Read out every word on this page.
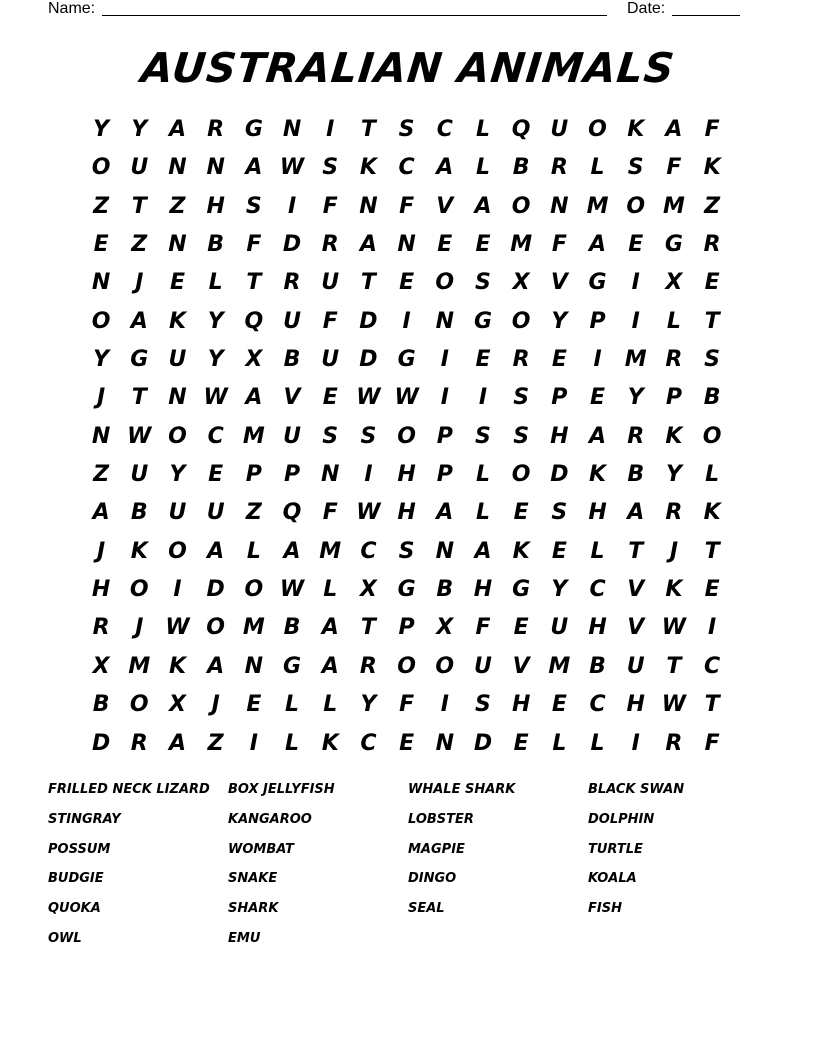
Name:	Date:
AUSTRALIAN ANIMALS
Y	Y A R G N	I	T	S	C	L Q U O K A	F
O U N N A W S K C A	L	B R	L	S	F	K
Z	T	Z H S	I	F N F	V A O N M O M Z
E	Z N B	F D R A N E	E M F	A	E G R
N	J	E	L	T	R U T	E O S X V G	I	X	E
O A K Y Q U F D	I	N G O Y	P	I	L	T
Y G U Y X B U D G	I	E	R	E	I	M R S
J	T N W A V	E W W I	I	S	P	E	Y	P B
N W O C M U S	S O P	S	S H A R K O
Z U Y	E	P	P N	I	H P	L O D K B Y	L
A B U U Z Q F W H A	L	E	S H A R K
J	K O A	L	A M C	S N A K	E	L	T	J	T
H O	I	D O W L	X G B H G Y	C V K	E
R	J W O M B A	T	P X	F	E U H V W I
X M K A N G A R O O U V M B U T	C
B O X	J	E	L	L	Y	F	I	S H E	C H W T
D R A Z	I	L	K C	E N D E	L	L	I	R	F
FRILLED NECK LIZARD	BOX JELLYFISH	WHALE SHARK	BLACK SWAN
STINGRAY	KANGAROO	LOBSTER	DOLPHIN
POSSUM	WOMBAT	MAGPIE	TURTLE
BUDGIE	SNAKE	DINGO	KOALA
QUOKA	SHARK	SEAL	FISH
OWL	EMU
